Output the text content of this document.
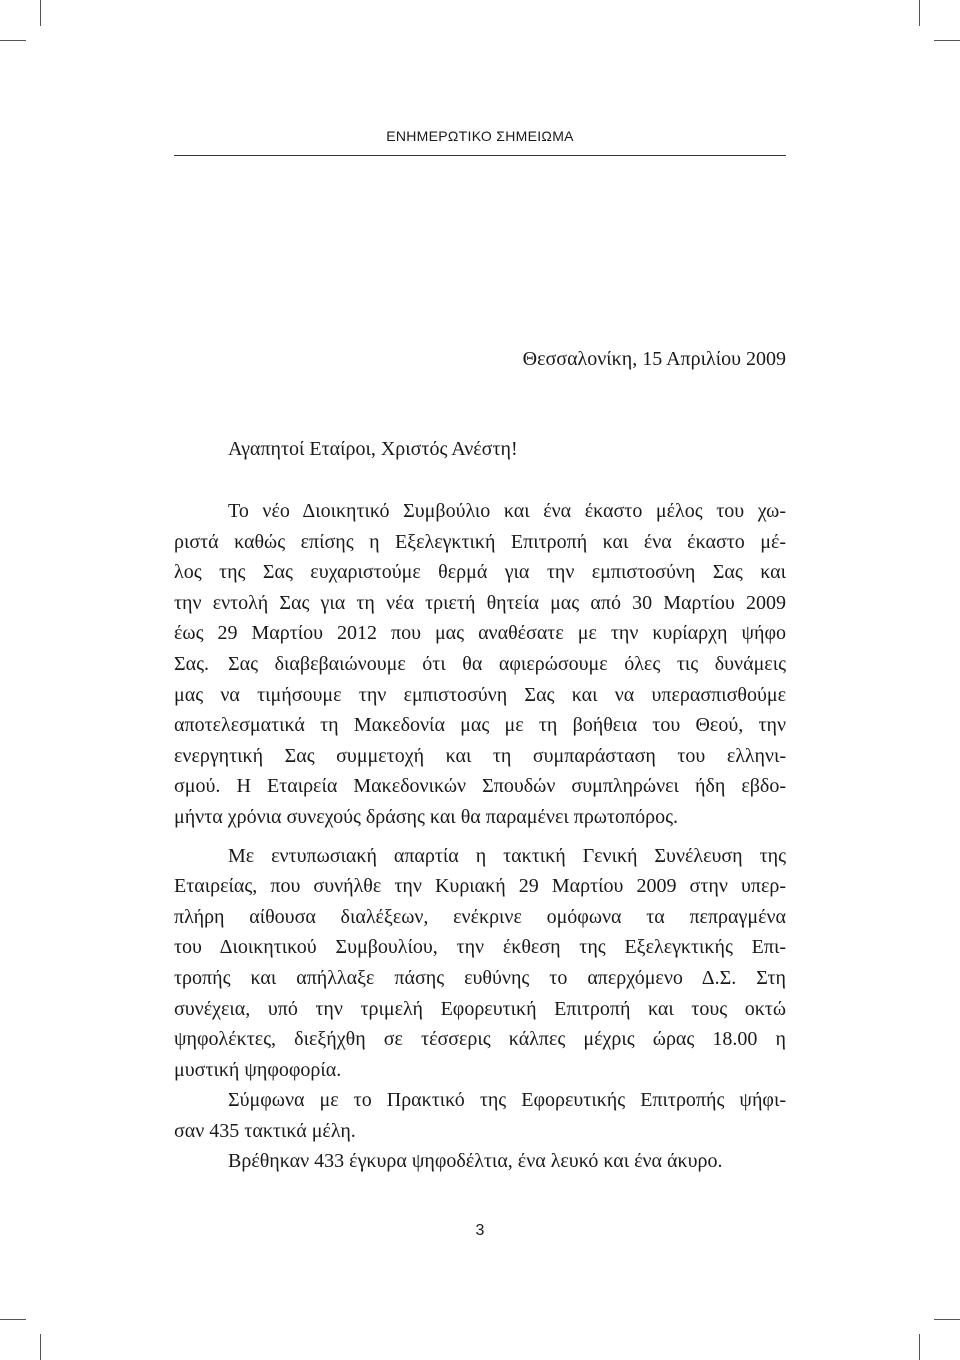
ΕΝΗΜΕΡΩΤΙΚΟ ΣΗΜΕΙΩΜΑ
Θεσσαλονίκη, 15 Απριλίου 2009
Αγαπητοί Εταίροι, Χριστός Ανέστη!
Το νέο Διοικητικό Συμβούλιο και ένα έκαστο μέλος του χω-
ριστά καθώς επίσης η Εξελεγκτική Επιτροπή και ένα έκαστο μέ-
λος της Σας ευχαριστούμε θερμά για την εμπιστοσύνη Σας και
την εντολή Σας για τη νέα τριετή θητεία μας από 30 Μαρτίου 2009
έως 29 Μαρτίου 2012 που μας αναθέσατε με την κυρίαρχη ψήφο
Σας. Σας διαβεβαιώνουμε ότι θα αφιερώσουμε όλες τις δυνάμεις
μας να τιμήσουμε την εμπιστοσύνη Σας και να υπερασπισθούμε
αποτελεσματικά τη Μακεδονία μας με τη βοήθεια του Θεού, την
ενεργητική Σας συμμετοχή και τη συμπαράσταση του ελληνι-
σμού. Η Εταιρεία Μακεδονικών Σπουδών συμπληρώνει ήδη εβδο-
μήντα χρόνια συνεχούς δράσης και θα παραμένει πρωτοπόρος.
Με εντυπωσιακή απαρτία η τακτική Γενική Συνέλευση της
Εταιρείας, που συνήλθε την Κυριακή 29 Μαρτίου 2009 στην υπερ-
πλήρη αίθουσα διαλέξεων, ενέκρινε ομόφωνα τα πεπραγμένα
του Διοικητικού Συμβουλίου, την έκθεση της Εξελεγκτικής Επι-
τροπής και απήλλαξε πάσης ευθύνης το απερχόμενο Δ.Σ. Στη
συνέχεια, υπό την τριμελή Εφορευτική Επιτροπή και τους οκτώ
ψηφολέκτες, διεξήχθη σε τέσσερις κάλπες μέχρις ώρας 18.00 η
μυστική ψηφοφορία.
Σύμφωνα με το Πρακτικό της Εφορευτικής Επιτροπής ψήφι-
σαν 435 τακτικά μέλη.
Βρέθηκαν 433 έγκυρα ψηφοδέλτια, ένα λευκό και ένα άκυρο.
3
